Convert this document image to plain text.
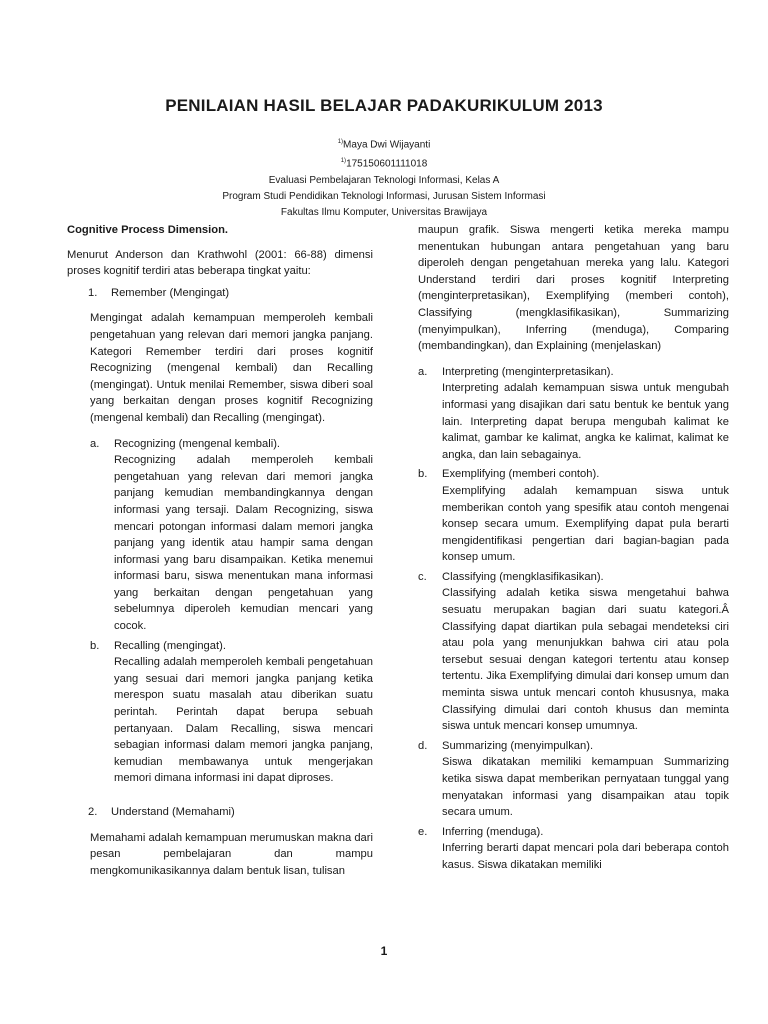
PENILAIAN HASIL BELAJAR PADAKURIKULUM 2013
$^{1)}$Maya Dwi Wijayanti
$^{1)}$175150601111018
Evaluasi Pembelajaran Teknologi Informasi, Kelas A
Program Studi Pendidikan Teknologi Informasi, Jurusan Sistem Informasi
Fakultas Ilmu Komputer, Universitas Brawijaya

Cognitive Process Dimension.

Menurut Anderson dan Krathwohl (2001: 66-88) dimensi proses kognitif terdiri atas beberapa tingkat yaitu:

1.	Remember (Mengingat)

Mengingat adalah kemampuan memperoleh kembali pengetahuan yang relevan dari memori jangka panjang. Kategori Remember terdiri dari proses kognitif Recognizing (mengenal kembali) dan Recalling (mengingat). Untuk menilai Remember, siswa diberi soal yang berkaitan dengan proses kognitif Recognizing (mengenal kembali) dan Recalling (mengingat).

a.	Recognizing (mengenal kembali).

Recognizing adalah memperoleh kembali pengetahuan yang relevan dari memori jangka panjang kemudian membandingkannya dengan informasi yang tersaji. Dalam Recognizing, siswa mencari potongan informasi dalam memori jangka panjang yang identik atau hampir sama dengan informasi yang baru disampaikan. Ketika menemui informasi baru, siswa menentukan mana informasi yang berkaitan dengan pengetahuan yang sebelumnya diperoleh kemudian mencari yang cocok.

b.	Recalling (mengingat).

Recalling adalah memperoleh kembali pengetahuan yang sesuai dari memori jangka panjang ketika merespon suatu masalah atau diberikan suatu perintah. Perintah dapat berupa sebuah pertanyaan. Dalam Recalling, siswa mencari sebagian informasi dalam memori jangka panjang, kemudian membawanya untuk mengerjakan memori dimana informasi ini dapat diproses.

2.	Understand (Memahami)

Memahami adalah kemampuan merumuskan makna dari pesan pembelajaran dan mampu mengkomunikasikannya dalam bentuk lisan, tulisan

maupun grafik. Siswa mengerti ketika mereka mampu menentukan hubungan antara pengetahuan yang baru diperoleh dengan pengetahuan mereka yang lalu. Kategori Understand terdiri dari proses kognitif Interpreting (menginterpretasikan), Exemplifying (memberi contoh), Classifying (mengklasifikasikan), Summarizing (menyimpulkan), Inferring (menduga), Comparing (membandingkan), dan Explaining (menjelaskan)

a.	Interpreting (menginterpretasikan).

Interpreting adalah kemampuan siswa untuk mengubah informasi yang disajikan dari satu bentuk ke bentuk yang lain. Interpreting dapat berupa mengubah kalimat ke kalimat, gambar ke kalimat, angka ke kalimat, kalimat ke angka, dan lain sebagainya.

b.	Exemplifying (memberi contoh).

Exemplifying adalah kemampuan siswa untuk memberikan contoh yang spesifik atau contoh mengenai konsep secara umum. Exemplifying dapat pula berarti mengidentifikasi pengertian dari bagian-bagian pada konsep umum.

c.	Classifying (mengklasifikasikan).

Classifying adalah ketika siswa mengetahui bahwa sesuatu merupakan bagian dari suatu kategori.Â Classifying dapat diartikan pula sebagai mendeteksi ciri atau pola yang menunjukkan bahwa ciri atau pola tersebut sesuai dengan kategori tertentu atau konsep tertentu. Jika Exemplifying dimulai dari konsep umum dan meminta siswa untuk mencari contoh khususnya, maka Classifying dimulai dari contoh khusus dan meminta siswa untuk mencari konsep umumnya.

d.	Summarizing (menyimpulkan).

Siswa dikatakan memiliki kemampuan Summarizing ketika siswa dapat memberikan pernyataan tunggal yang menyatakan informasi yang disampaikan atau topik secara umum.

e.	Inferring (menduga).

Inferring berarti dapat mencari pola dari beberapa contoh kasus. Siswa dikatakan memiliki

1
